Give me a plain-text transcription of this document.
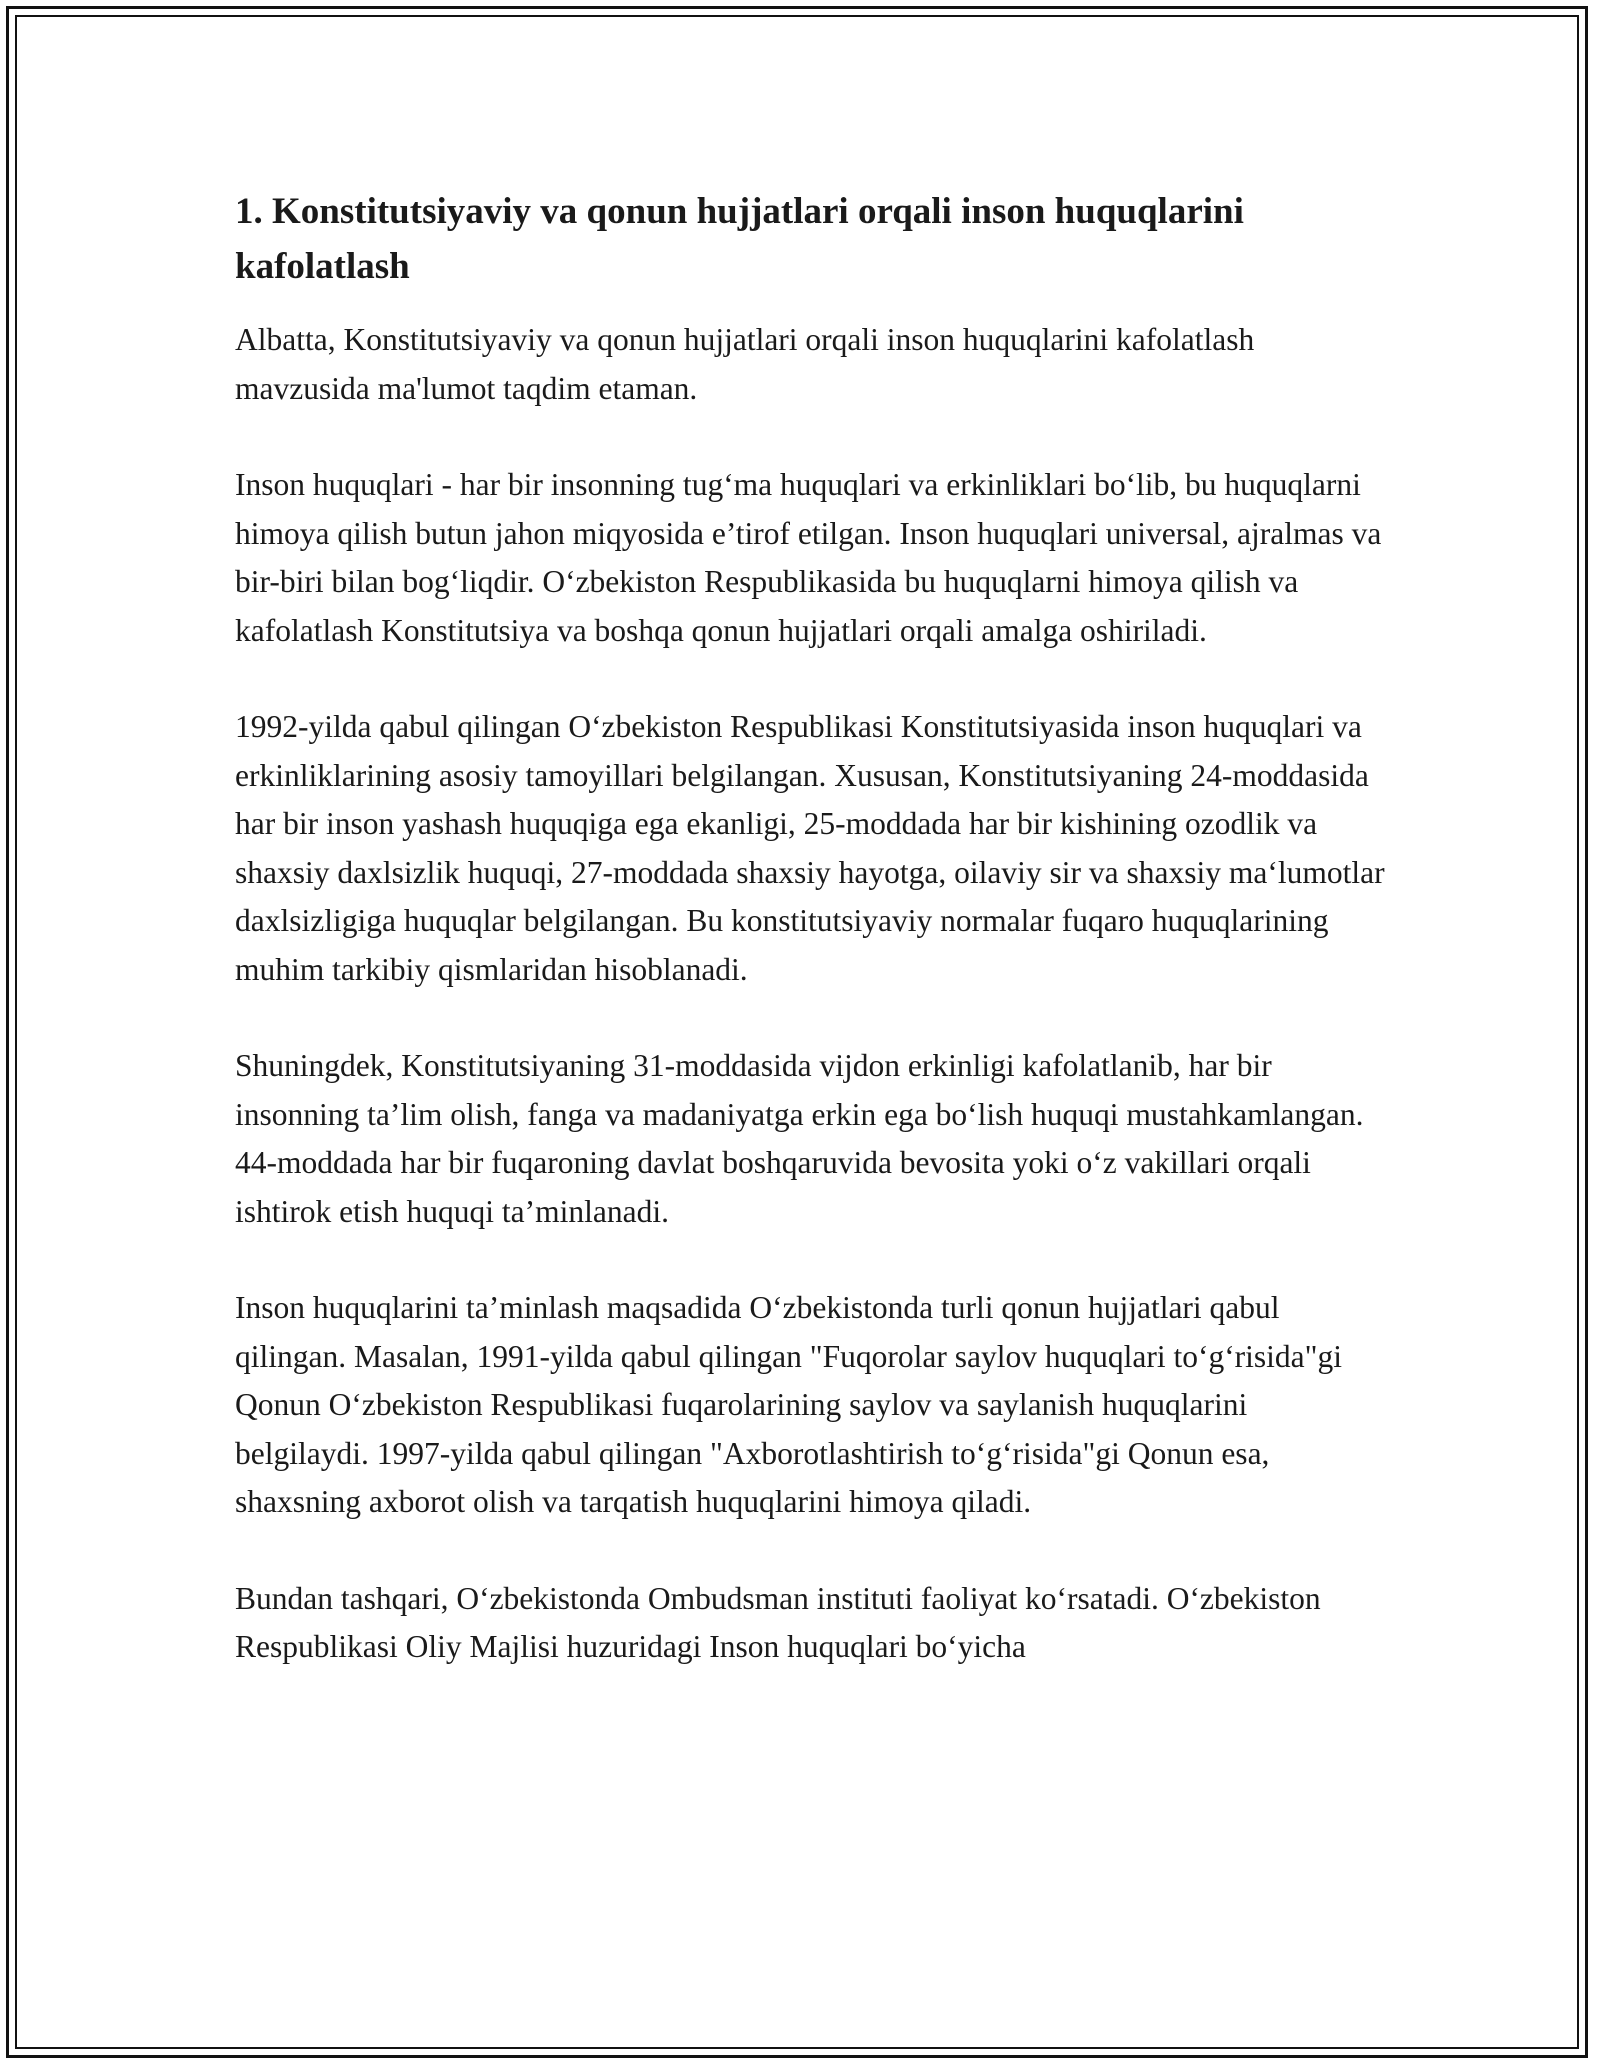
1. Konstitutsiyaviy va qonun hujjatlari orqali inson huquqlarini kafolatlash

Albatta, Konstitutsiyaviy va qonun hujjatlari orqali inson huquqlarini kafolatlash mavzusida ma'lumot taqdim etaman.

Inson huquqlari - har bir insonning tug‘ma huquqlari va erkinliklari bo‘lib, bu huquqlarni himoya qilish butun jahon miqyosida e’tirof etilgan. Inson huquqlari universal, ajralmas va bir-biri bilan bog‘liqdir. O‘zbekiston Respublikasida bu huquqlarni himoya qilish va kafolatlash Konstitutsiya va boshqa qonun hujjatlari orqali amalga oshiriladi.

1992-yilda qabul qilingan O‘zbekiston Respublikasi Konstitutsiyasida inson huquqlari va erkinliklarining asosiy tamoyillari belgilangan. Xususan, Konstitutsiyaning 24-moddasida har bir inson yashash huquqiga ega ekanligi, 25-moddada har bir kishining ozodlik va shaxsiy daxlsizlik huquqi, 27-moddada shaxsiy hayotga, oilaviy sir va shaxsiy ma‘lumotlar daxlsizligiga huquqlar belgilangan. Bu konstitutsiyaviy normalar fuqaro huquqlarining muhim tarkibiy qismlaridan hisoblanadi.

Shuningdek, Konstitutsiyaning 31-moddasida vijdon erkinligi kafolatlanib, har bir insonning ta’lim olish, fanga va madaniyatga erkin ega bo‘lish huquqi mustahkamlangan. 44-moddada har bir fuqaroning davlat boshqaruvida bevosita yoki o‘z vakillari orqali ishtirok etish huquqi ta’minlanadi.

Inson huquqlarini ta’minlash maqsadida O‘zbekistonda turli qonun hujjatlari qabul qilingan. Masalan, 1991-yilda qabul qilingan "Fuqorolar saylov huquqlari to‘g‘risida"gi Qonun O‘zbekiston Respublikasi fuqarolarining saylov va saylanish huquqlarini belgilaydi. 1997-yilda qabul qilingan "Axborotlashtirish to‘g‘risida"gi Qonun esa, shaxsning axborot olish va tarqatish huquqlarini himoya qiladi.

Bundan tashqari, O‘zbekistonda Ombudsman instituti faoliyat ko‘rsatadi. O‘zbekiston Respublikasi Oliy Majlisi huzuridagi Inson huquqlari bo‘yicha
